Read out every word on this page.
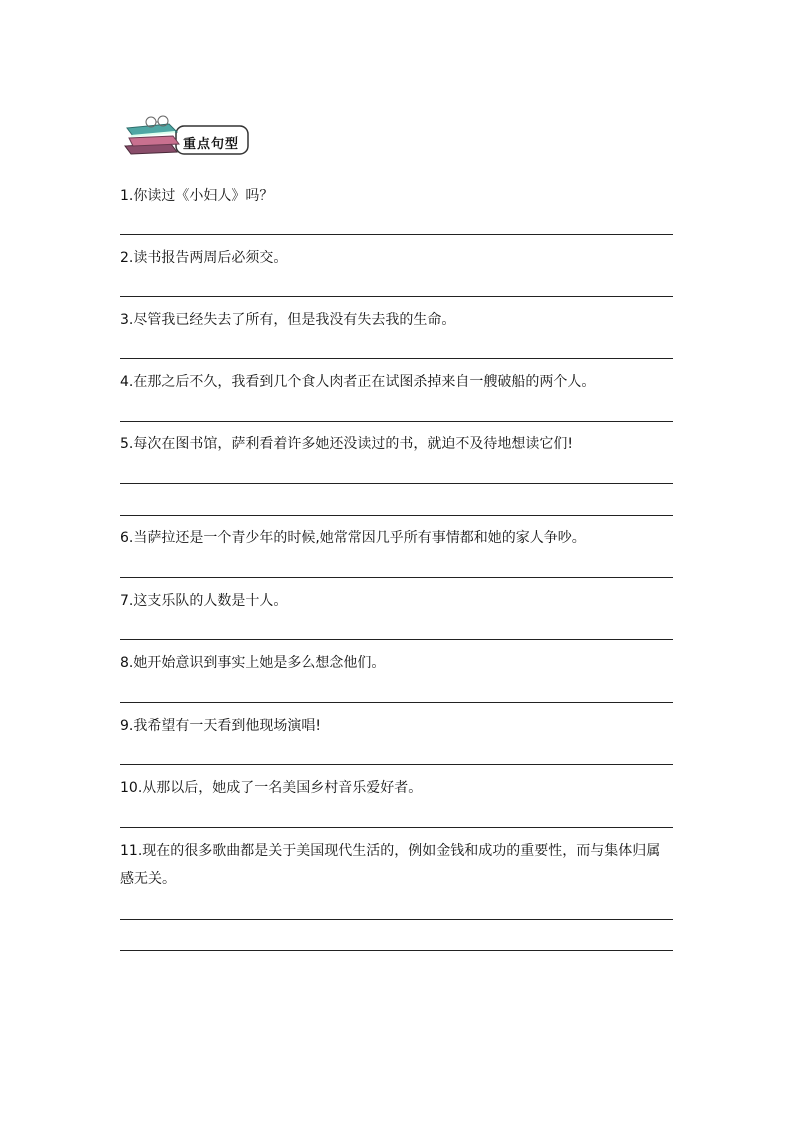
重点句型
1.你读过《小妇人》吗？
2.读书报告两周后必须交。
3.尽管我已经失去了所有，但是我没有失去我的生命。
4.在那之后不久，我看到几个食人肉者正在试图杀掉来自一艘破船的两个人。
5.每次在图书馆，萨利看着许多她还没读过的书，就迫不及待地想读它们!
6.当萨拉还是一个青少年的时候,她常常因几乎所有事情都和她的家人争吵。
7.这支乐队的人数是十人。
8.她开始意识到事实上她是多么想念他们。
9.我希望有一天看到他现场演唱!
10.从那以后，她成了一名美国乡村音乐爱好者。
11.现在的很多歌曲都是关于美国现代生活的，例如金钱和成功的重要性，而与集体归属感无关。
